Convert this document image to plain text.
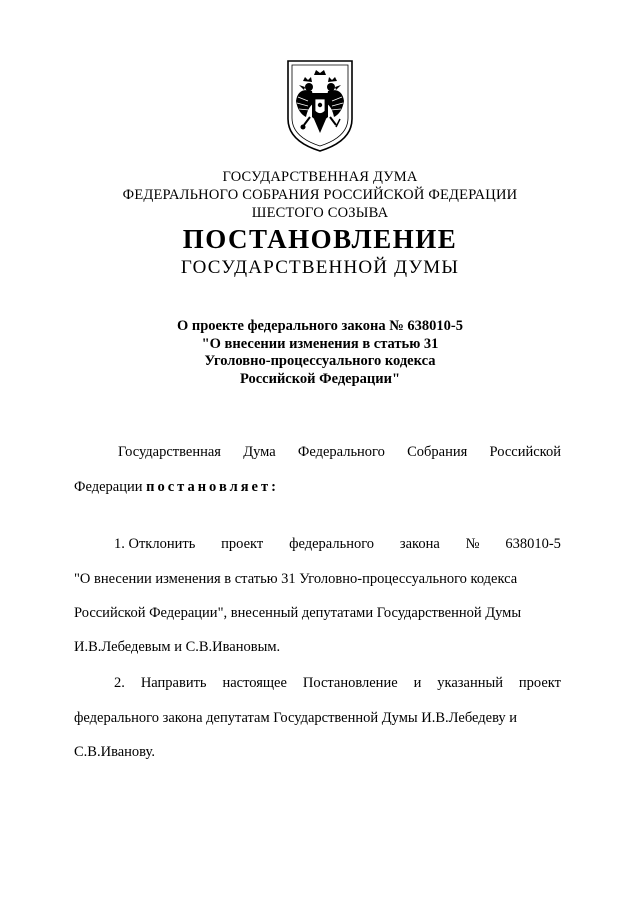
ГОСУДАРСТВЕННАЯ ДУМА
ФЕДЕРАЛЬНОГО СОБРАНИЯ РОССИЙСКОЙ ФЕДЕРАЦИИ
ШЕСТОГО СОЗЫВА
ПОСТАНОВЛЕНИЕ
ГОСУДАРСТВЕННОЙ ДУМЫ
О проекте федерального закона № 638010-5
"О внесении изменения в статью 31
Уголовно-процессуального кодекса
Российской Федерации"
Государственная Дума Федерального Собрания Российской
Федерации постановляет:
1. Отклонить проект федерального закона № 638010-5
"О внесении изменения в статью 31 Уголовно-процессуального кодекса
Российской Федерации", внесенный депутатами Государственной Думы
И.В.Лебедевым и С.В.Ивановым.
2. Направить настоящее Постановление и указанный проект
федерального закона депутатам Государственной Думы И.В.Лебедеву и
С.В.Иванову.
